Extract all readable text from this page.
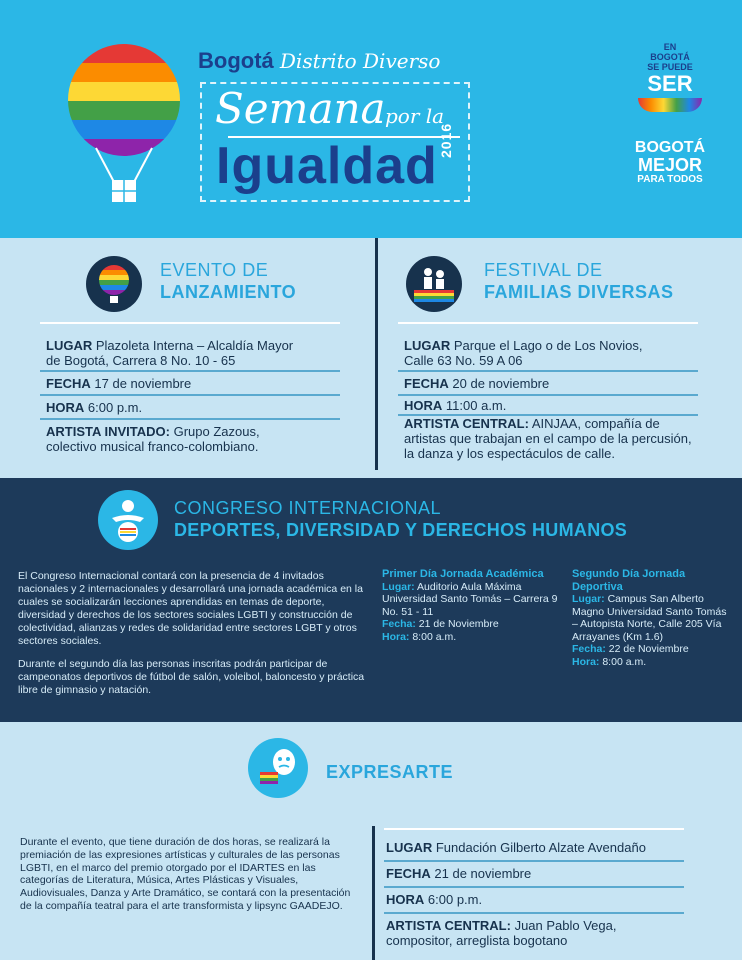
Bogotá Distrito Diverso
Semana por la
Igualdad 2016
EN
BOGOTÁ
SE PUEDE
SER
BOGOTÁ
MEJOR
PARA TODOS
EVENTO DE
LANZAMIENTO
LUGAR Plazoleta Interna – Alcaldía Mayor
de Bogotá, Carrera 8 No. 10 - 65
FECHA 17 de noviembre
HORA 6:00 p.m.
ARTISTA INVITADO: Grupo Zazous,
colectivo musical franco-colombiano.
FESTIVAL DE
FAMILIAS DIVERSAS
LUGAR Parque el Lago o de Los Novios,
Calle 63 No. 59 A 06
FECHA 20 de noviembre
HORA 11:00 a.m.
ARTISTA CENTRAL: AINJAA, compañía de
artistas que trabajan en el campo de la percusión,
la danza y los espectáculos de calle.
CONGRESO INTERNACIONAL
DEPORTES, DIVERSIDAD Y DERECHOS HUMANOS
El Congreso Internacional contará con la presencia de 4 invitados nacionales y 2 internacionales y desarrollará una jornada académica en la cuales se socializarán lecciones aprendidas en temas de deporte, diversidad y derechos de los sectores sociales LGBTI y construcción de colectividad, alianzas y redes de solidaridad entre sectores LGBT y otros sectores sociales.
Durante el segundo día las personas inscritas podrán participar de campeonatos deportivos de fútbol de salón, voleibol, baloncesto y práctica libre de gimnasio y natación.
Primer Día Jornada Académica
Lugar: Auditorio Aula Máxima Universidad Santo Tomás – Carrera 9 No. 51 - 11
Fecha: 21 de Noviembre
Hora: 8:00 a.m.
Segundo Día Jornada Deportiva
Lugar: Campus San Alberto Magno Universidad Santo Tomás – Autopista Norte, Calle 205 Vía Arrayanes (Km 1.6)
Fecha: 22 de Noviembre
Hora: 8:00 a.m.
EXPRESARTE
Durante el evento, que tiene duración de dos horas, se realizará la premiación de las expresiones artísticas y culturales de las personas LGBTI, en el marco del premio otorgado por el IDARTES en las categorías de Literatura, Música, Artes Plásticas y Visuales, Audiovisuales, Danza y Arte Dramático, se contará con la presentación de la compañía teatral para el arte transformista y lipsync GAADEJO.
LUGAR Fundación Gilberto Alzate Avendaño
FECHA 21 de noviembre
HORA 6:00 p.m.
ARTISTA CENTRAL: Juan Pablo Vega,
compositor, arreglista bogotano
